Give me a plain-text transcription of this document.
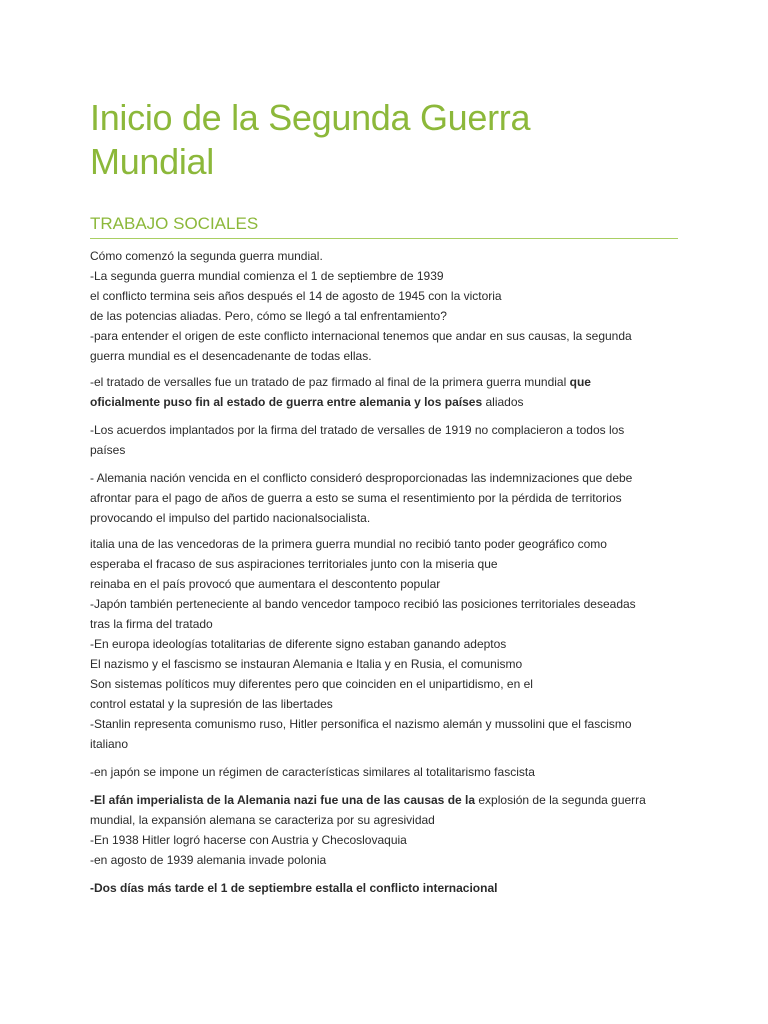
Inicio de la Segunda Guerra
Mundial
TRABAJO SOCIALES
Cómo comenzó la segunda guerra mundial.
-La segunda guerra mundial comienza el 1 de septiembre de 1939
el conflicto termina seis años después el 14 de agosto de 1945 con la victoria
de las potencias aliadas. Pero, cómo se llegó a tal enfrentamiento?
-para entender el origen de este conflicto internacional tenemos que andar en sus causas, la segunda
guerra mundial es el desencadenante de todas ellas.
-el tratado de versalles fue un tratado de paz firmado al final de la primera guerra mundial que
oficialmente puso fin al estado de guerra entre alemania y los países aliados
-Los acuerdos implantados por la firma del tratado de versalles de 1919 no complacieron a todos los
países
- Alemania nación vencida en el conflicto consideró desproporcionadas las indemnizaciones que debe
afrontar para el pago de años de guerra a esto se suma el resentimiento por la pérdida de territorios
provocando el impulso del partido nacionalsocialista.
italia una de las vencedoras de la primera guerra mundial no recibió tanto poder geográfico como
esperaba el fracaso de sus aspiraciones territoriales junto con la miseria que
reinaba en el país provocó que aumentara el descontento popular
-Japón también perteneciente al bando vencedor tampoco recibió las posiciones territoriales deseadas
tras la firma del tratado
-En europa ideologías totalitarias de diferente signo estaban ganando adeptos
El nazismo y el fascismo se instauran Alemania e Italia y en Rusia, el comunismo
Son sistemas políticos muy diferentes pero que coinciden en el unipartidismo, en el
control estatal y la supresión de las libertades
-Stanlin representa comunismo ruso, Hitler personifica el nazismo alemán y mussolini que el fascismo
italiano
-en japón se impone un régimen de características similares al totalitarismo fascista
-El afán imperialista de la Alemania nazi fue una de las causas de la explosión de la segunda guerra
mundial, la expansión alemana se caracteriza por su agresividad
-En 1938 Hitler logró hacerse con Austria y Checoslovaquia
-en agosto de 1939 alemania invade polonia
-Dos días más tarde el 1 de septiembre estalla el conflicto internacional
